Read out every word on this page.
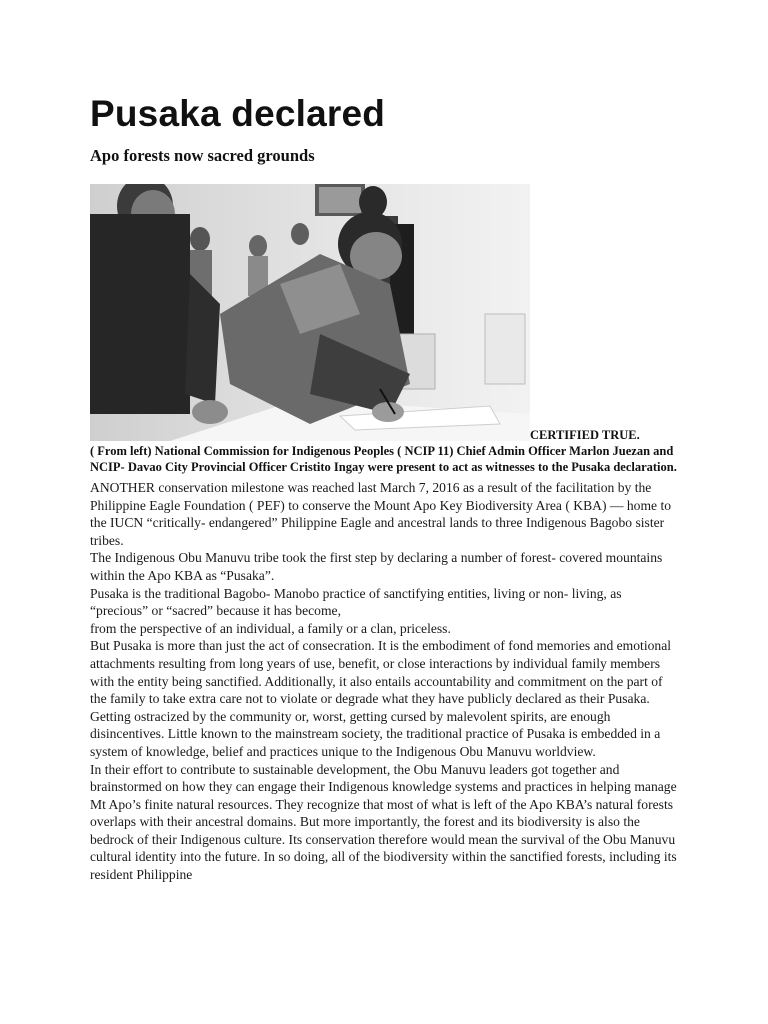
Pusaka declared
Apo forests now sacred grounds
CERTIFIED TRUE.
( From left) National Commission for Indigenous Peoples ( NCIP 11) Chief Admin Officer Marlon Juezan and NCIP- Davao City Provincial Officer Cristito Ingay were present to act as witnesses to the Pusaka declaration.

ANOTHER conservation milestone was reached last March 7, 2016 as a result of the facilitation by the Philippine Eagle Foundation ( PEF) to conserve the Mount Apo Key Biodiversity Area ( KBA) — home to the IUCN “critically- endangered” Philippine Eagle and ancestral lands to three Indigenous Bagobo sister tribes.

The Indigenous Obu Manuvu tribe took the first step by declaring a number of forest- covered mountains within the Apo KBA as “Pusaka”.

Pusaka is the traditional Bagobo- Manobo practice of sanctifying entities, living or non- living, as “precious” or “sacred” because it has become,

from the perspective of an individual, a family or a clan, priceless.

But Pusaka is more than just the act of consecration. It is the embodiment of fond memories and emotional attachments resulting from long years of use, benefit, or close interactions by individual family members with the entity being sanctified. Additionally, it also entails accountability and commitment on the part of the family to take extra care not to violate or degrade what they have publicly declared as their Pusaka. Getting ostracized by the community or, worst, getting cursed by malevolent spirits, are enough disincentives. Little known to the mainstream society, the traditional practice of Pusaka is embedded in a system of knowledge, belief and practices unique to the Indigenous Obu Manuvu worldview.

In their effort to contribute to sustainable development, the Obu Manuvu leaders got together and brainstormed on how they can engage their Indigenous knowledge systems and practices in helping manage Mt Apo’s finite natural resources. They recognize that most of what is left of the Apo KBA’s natural forests overlaps with their ancestral domains. But more importantly, the forest and its biodiversity is also the bedrock of their Indigenous culture. Its conservation therefore would mean the survival of the Obu Manuvu cultural identity into the future. In so doing, all of the biodiversity within the sanctified forests, including its resident Philippine
